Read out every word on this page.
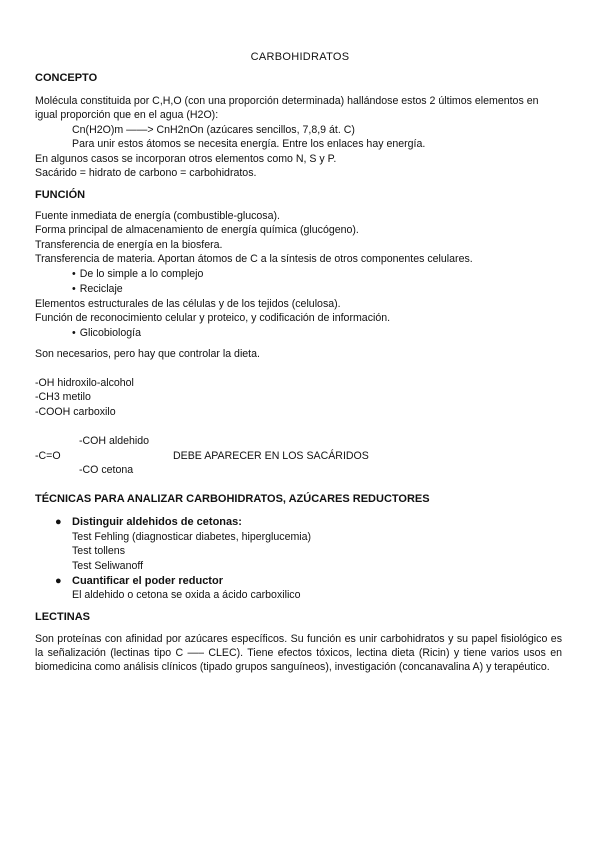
CARBOHIDRATOS
CONCEPTO
Molécula constituida por C,H,O (con una proporción determinada) hallándose estos 2 últimos elementos en
igual proporción que en el agua (H2O):
Cn(H2O)m ——> CnH2nOn (azúcares sencillos, 7,8,9 át. C)
Para unir estos átomos se necesita energía. Entre los enlaces hay energía.
En algunos casos se incorporan otros elementos como N, S y P.
Sacárido = hidrato de carbono = carbohidratos.
FUNCIÓN
Fuente inmediata de energía (combustible-glucosa).
Forma principal de almacenamiento de energía química (glucógeno).
Transferencia de energía en la biosfera.
Transferencia de materia. Aportan átomos de C a la síntesis de otros componentes celulares.
• De lo simple a lo complejo
• Reciclaje
Elementos estructurales de las células y de los tejidos (celulosa).
Función de reconocimiento celular y proteico, y codificación de información.
• Glicobiología
Son necesarios, pero hay que controlar la dieta.
-OH hidroxilo-alcohol
-CH3 metilo
-COOH carboxilo
-COH aldehido
-C=O	DEBE APARECER EN LOS SACÁRIDOS
-CO cetona
TÉCNICAS PARA ANALIZAR CARBOHIDRATOS, AZÚCARES REDUCTORES
● Distinguir aldehidos de cetonas:
Test Fehling (diagnosticar diabetes, hiperglucemia)
Test tollens
Test Seliwanoff
● Cuantificar el poder reductor
El aldehido o cetona se oxida a ácido carboxilico
LECTINAS
Son proteínas con afinidad por azúcares específicos. Su función es unir carbohidratos y su papel fisiológico es la señalización (lectinas tipo C —– CLEC). Tiene efectos tóxicos, lectina dieta (Ricin) y tiene varios usos en biomedicina como análisis clínicos (tipado grupos sanguíneos), investigación (concanavalina A) y terapéutico.
